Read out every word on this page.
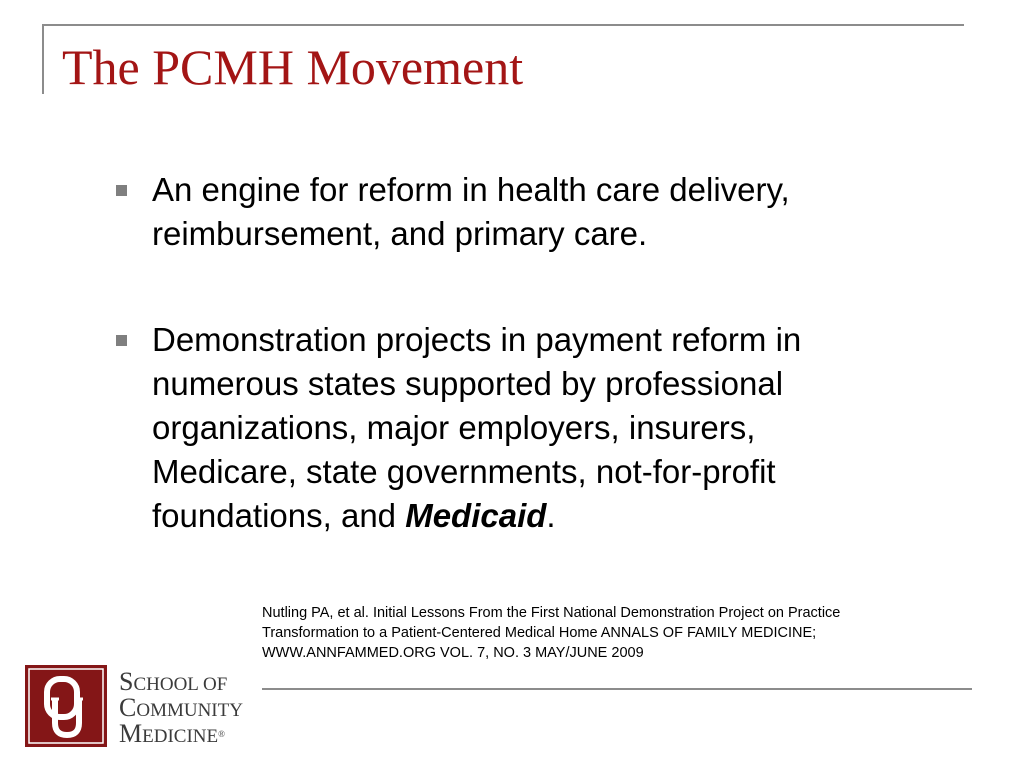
The PCMH Movement
An engine for reform in health care delivery, reimbursement, and primary care.
Demonstration projects in payment reform in numerous states supported by professional organizations, major employers, insurers, Medicare, state governments, not-for-profit foundations, and Medicaid.
Nutling PA, et al. Initial Lessons From the First National Demonstration Project on Practice
Transformation to a Patient-Centered Medical Home ANNALS OF FAMILY MEDICINE;
WWW.ANNFAMMED.ORG VOL. 7, NO. 3 MAY/JUNE 2009
SCHOOL OF
COMMUNITY
MEDICINE®
